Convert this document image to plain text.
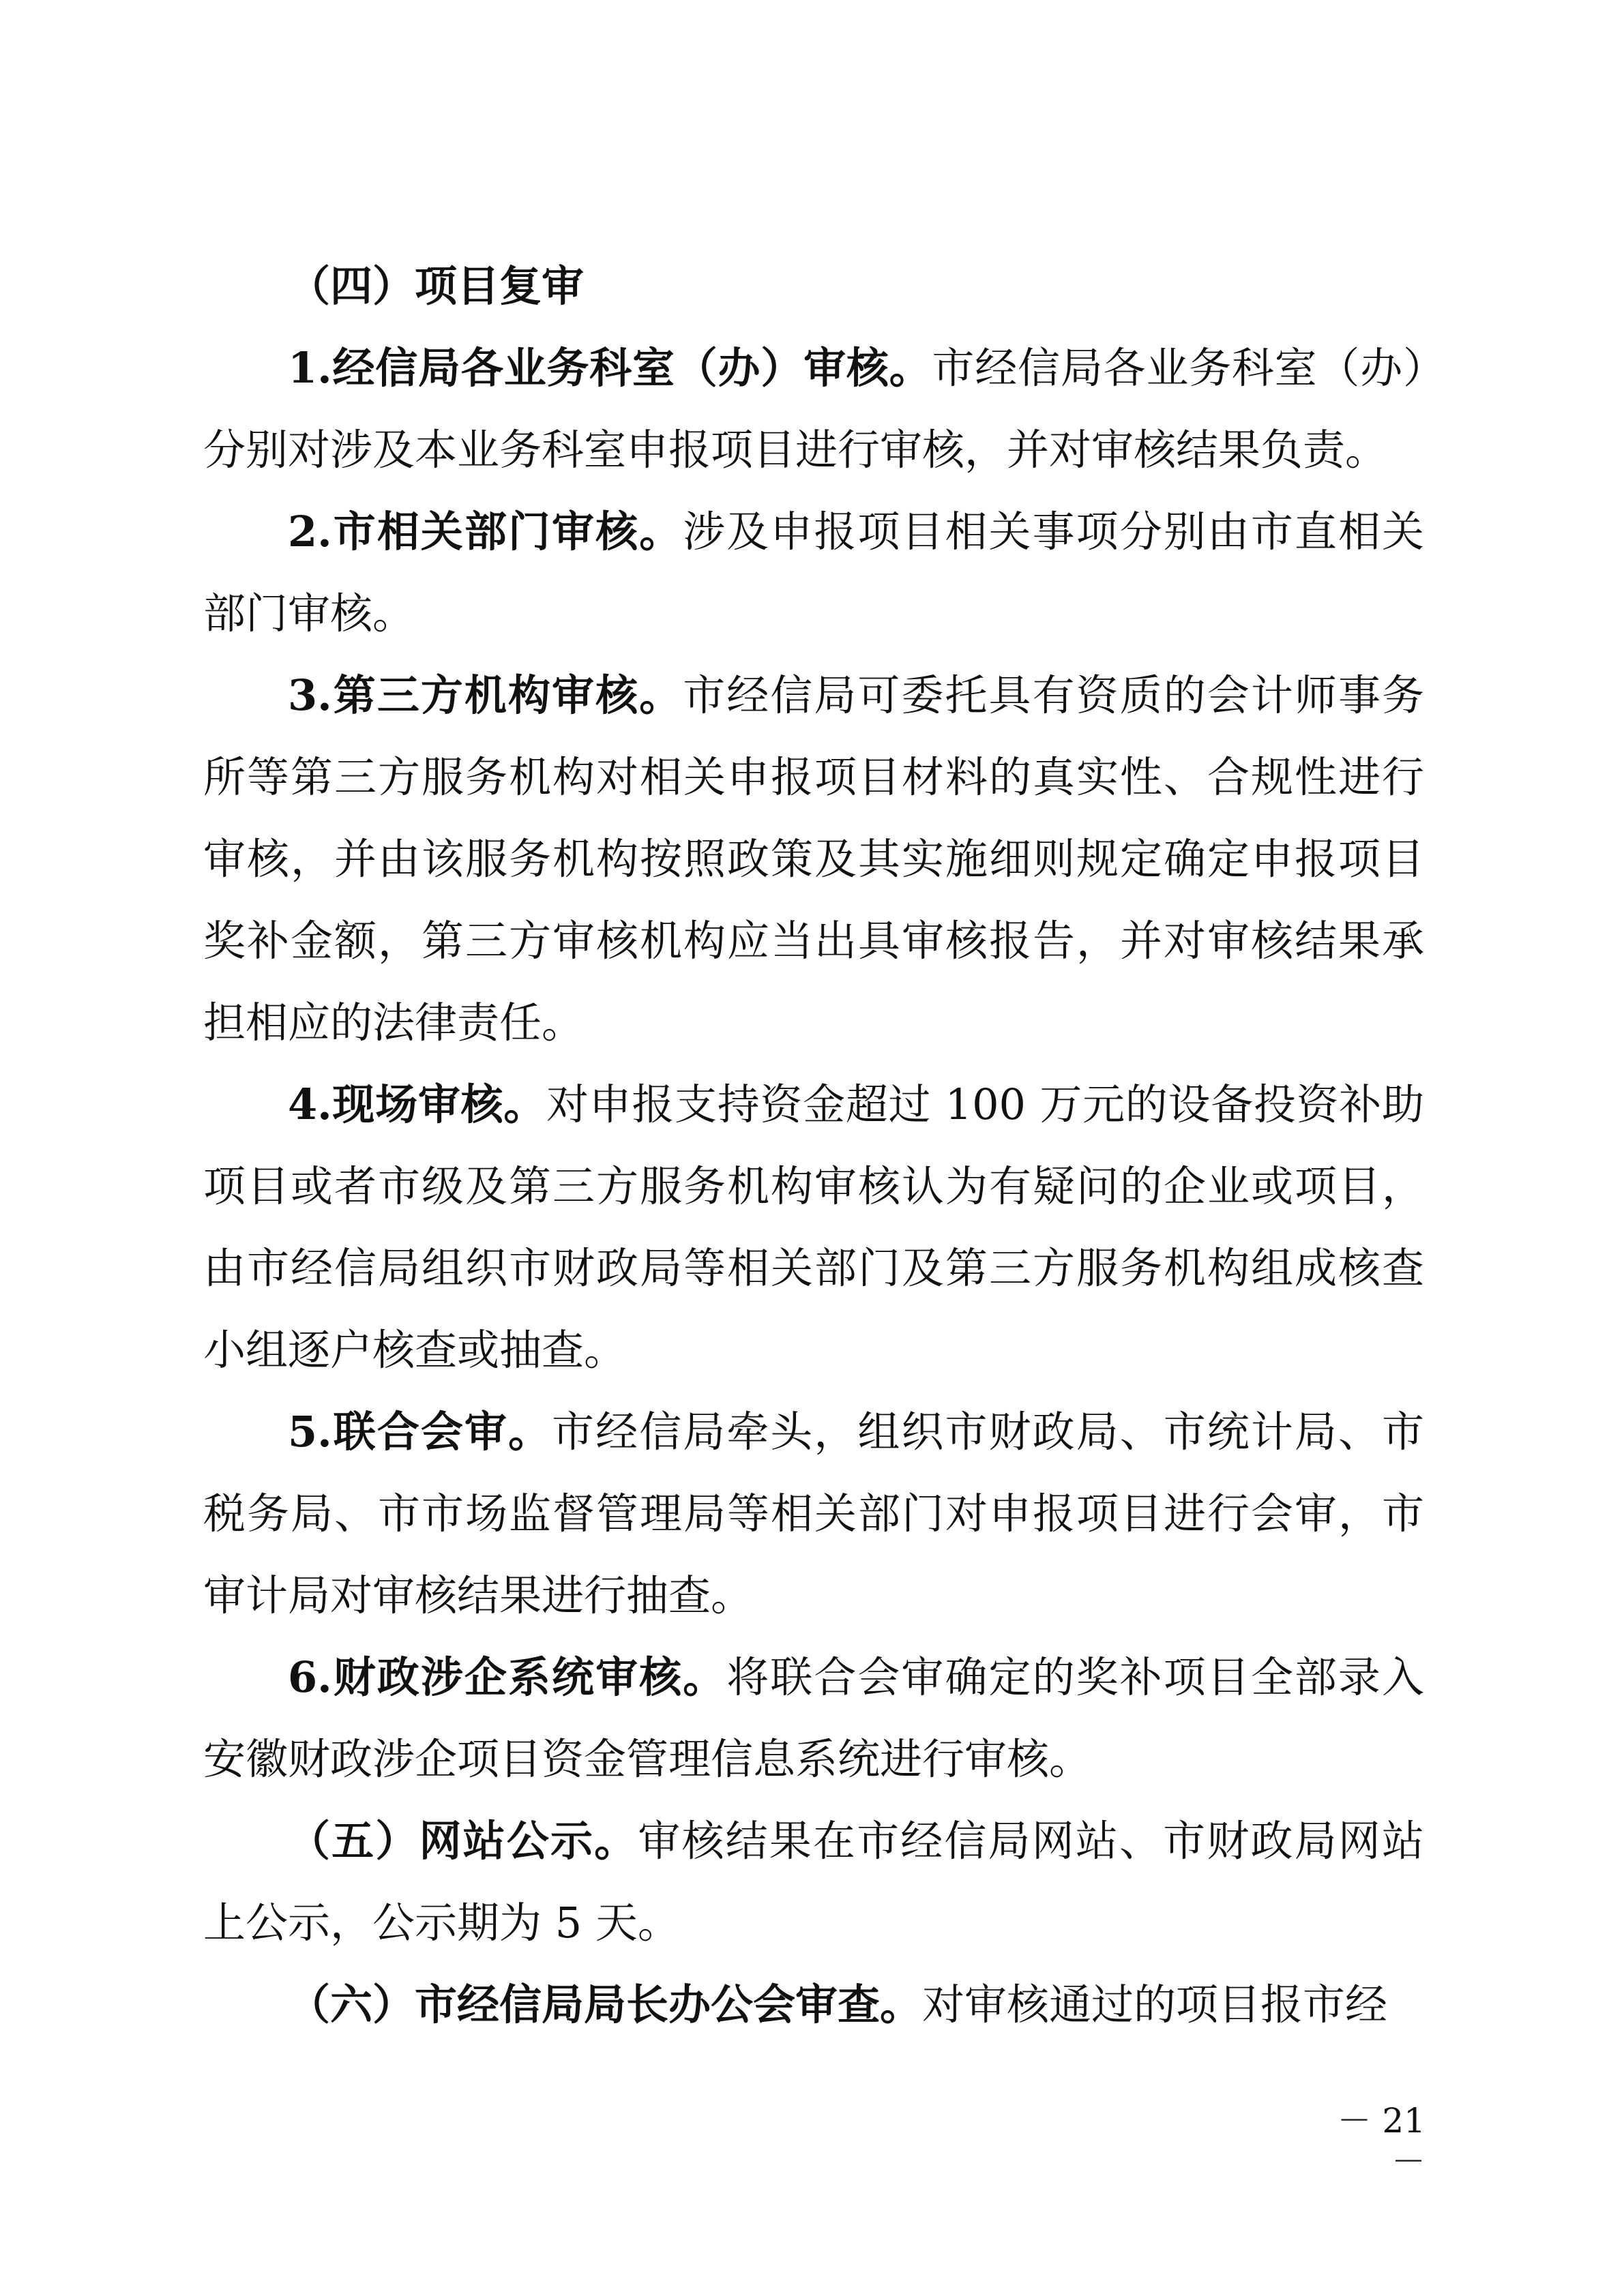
（四）项目复审

1.经信局各业务科室（办）审核。市经信局各业务科室（办）分别对涉及本业务科室申报项目进行审核，并对审核结果负责。

2.市相关部门审核。涉及申报项目相关事项分别由市直相关部门审核。

3.第三方机构审核。市经信局可委托具有资质的会计师事务所等第三方服务机构对相关申报项目材料的真实性、合规性进行审核，并由该服务机构按照政策及其实施细则规定确定申报项目奖补金额，第三方审核机构应当出具审核报告，并对审核结果承担相应的法律责任。

4.现场审核。对申报支持资金超过 100 万元的设备投资补助项目或者市级及第三方服务机构审核认为有疑问的企业或项目，由市经信局组织市财政局等相关部门及第三方服务机构组成核查小组逐户核查或抽查。

5.联合会审。市经信局牵头，组织市财政局、市统计局、市税务局、市市场监督管理局等相关部门对申报项目进行会审，市审计局对审核结果进行抽查。

6.财政涉企系统审核。将联合会审确定的奖补项目全部录入安徽财政涉企项目资金管理信息系统进行审核。

（五）网站公示。审核结果在市经信局网站、市财政局网站上公示，公示期为 5 天。

（六）市经信局局长办公会审查。对审核通过的项目报市经

－ 21 －
